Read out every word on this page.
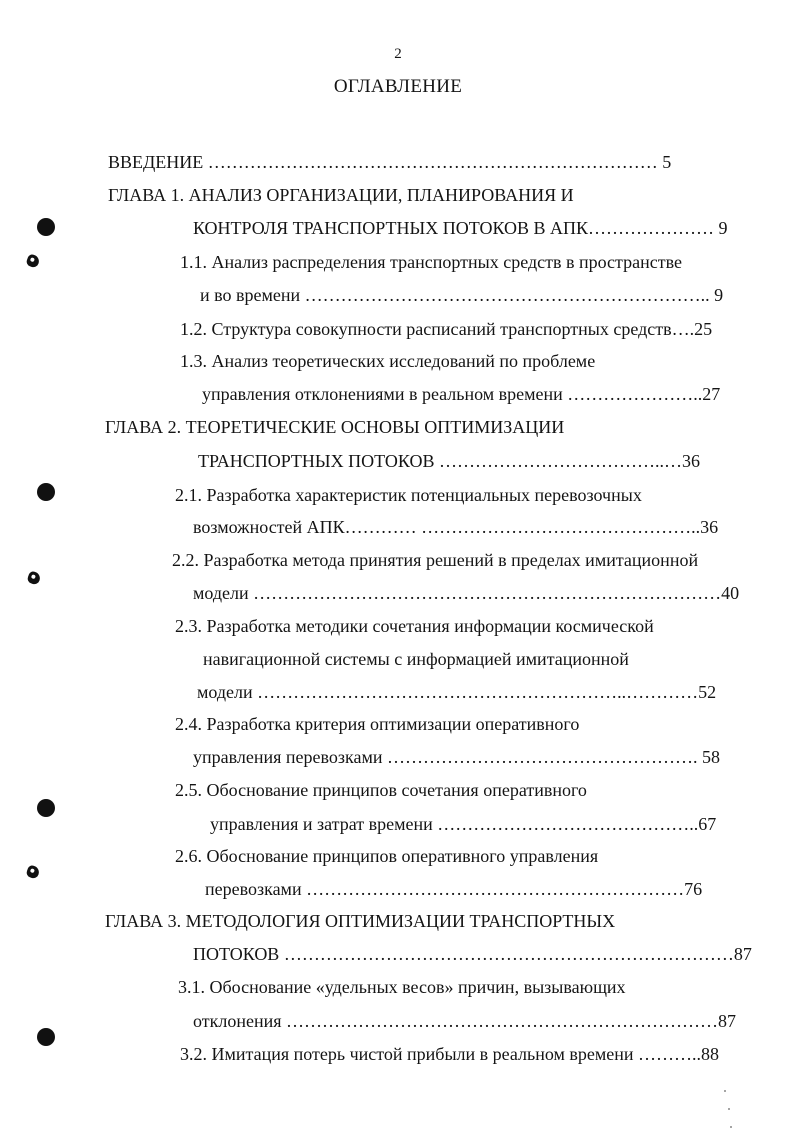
2
ОГЛАВЛЕНИЕ
ВВЕДЕНИЕ ………………………………………………………………… 5
ГЛАВА 1. АНАЛИЗ ОРГАНИЗАЦИИ, ПЛАНИРОВАНИЯ И
КОНТРОЛЯ ТРАНСПОРТНЫХ ПОТОКОВ В АПК………………… 9
1.1. Анализ распределения транспортных средств в пространстве
и во времени ………………………………………………………….. 9
1.2. Структура совокупности расписаний транспортных средств….25
1.3. Анализ теоретических исследований по проблеме
управления отклонениями в реальном времени …………………..27
ГЛАВА 2. ТЕОРЕТИЧЕСКИЕ ОСНОВЫ ОПТИМИЗАЦИИ
ТРАНСПОРТНЫХ ПОТОКОВ ………………………………..…36
2.1. Разработка характеристик потенциальных перевозочных
возможностей АПК………… ………………………………………..36
2.2. Разработка метода принятия решений в пределах имитационной
модели ……………………………………………………………………40
2.3. Разработка методики сочетания информации космической
навигационной системы с информацией имитационной
модели ……………………………………………………..…………52
2.4. Разработка критерия оптимизации оперативного
управления перевозками ……………………………………………. 58
2.5. Обоснование принципов сочетания оперативного
управления и затрат времени ……………………………………..67
2.6. Обоснование принципов оперативного управления
перевозками ………………………………………………………76
ГЛАВА 3. МЕТОДОЛОГИЯ ОПТИМИЗАЦИИ ТРАНСПОРТНЫХ
ПОТОКОВ …………………………………………………………………87
3.1. Обоснование «удельных весов» причин, вызывающих
отклонения ………………………………………………………………87
3.2. Имитация потерь чистой прибыли в реальном времени ………..88
